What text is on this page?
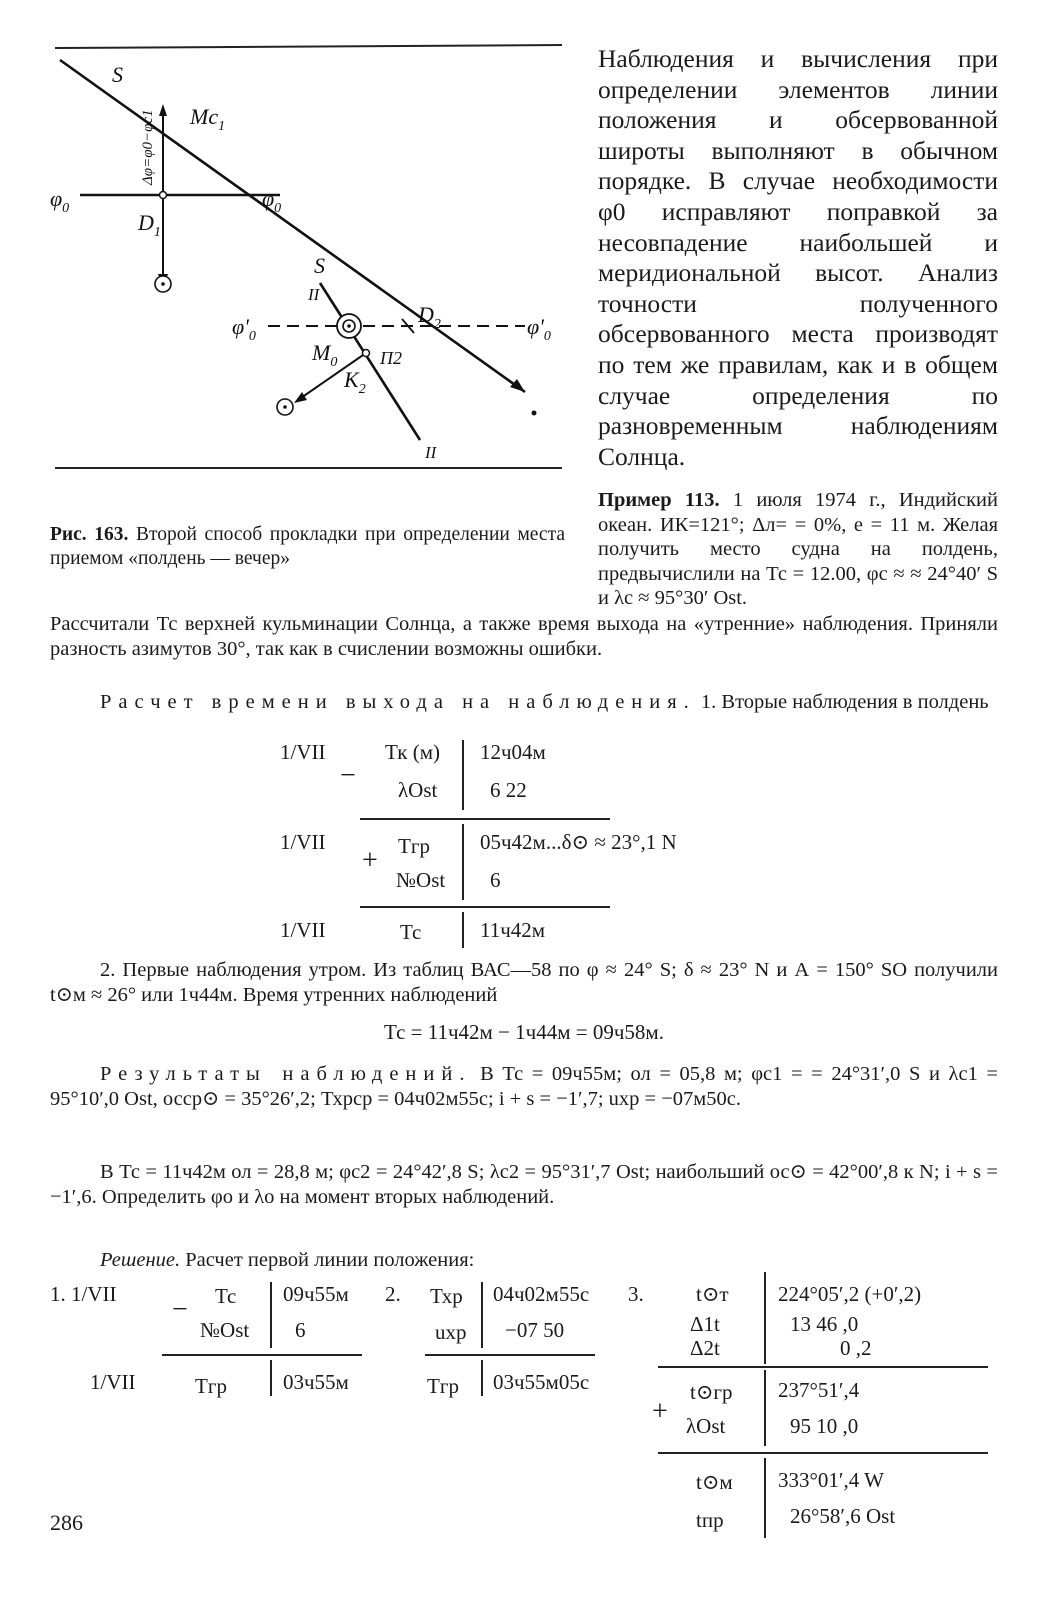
S
$Mc_1$
Δφ=φ0−φc1
$\varphi_0$	$\varphi_0$
$D_1$
S
II
$D_2$
$\varphi'_0$	$\varphi'_0$
$M_0$ П2
$K_2$
II
Рис. 163. Второй способ прокладки при определении места приемом «полдень — вечер»
Наблюдения и вычисления при определении элементов линии положения и обсервованной широты выполняют в обычном порядке. В случае необходимости φ0 исправляют поправкой за несовпадение наибольшей и меридиональной высот. Анализ точности полученного обсервованного места производят по тем же правилам, как и в общем случае определения по разновременным наблюдениям Солнца.
Пример 113. 1 июля 1974 г., Индийский океан. ИК=121°; Δл= = 0%, е = 11 м. Желая получить место судна на полдень, предвычислили на Тс = 12.00, φс ≈ ≈ 24°40′ S и λс ≈ 95°30′ Ost.
Рассчитали Тс верхней кульминации Солнца, а также время выхода на «утренние» наблюдения. Приняли разность азимутов 30°, так как в счислении возможны ошибки.
Расчет времени выхода на наблюдения. 1. Вторые наблюдения в полдень
1/VII	Тк (м) 12ч04м
− λOst	6 22
1/VII	Тгр 05ч42м...δ⊙ ≈ 23°,1 N
+
№Ost 6
1/VII	Тс	11ч42м
2. Первые наблюдения утром. Из таблиц ВАС—58 по φ ≈ 24° S; δ ≈ 23° N и А = 150° SO получили t⊙м ≈ 26° или 1ч44м. Время утренних наблюдений
Тс = 11ч42м − 1ч44м = 09ч58м.
Результаты наблюдений. В Тс = 09ч55м; ол = 05,8 м; φс1 = = 24°31′,0 S и λс1 = 95°10′,0 Ost, осср⊙ = 35°26′,2; Тхрср = 04ч02м55с; i + s = −1′,7; uхр = −07м50с.
В Тс = 11ч42м ол = 28,8 м; φс2 = 24°42′,8 S; λс2 = 95°31′,7 Ost; наибольший ос⊙ = 42°00′,8 к N; i + s = −1′,6. Определить φо и λо на момент вторых наблюдений.
Решение. Расчет первой линии положения:
1. 1/VII − Тс 09ч55м
№Ost 6
1/VII	Тгр	03ч55м
2. Тхр 04ч02м55с
uхр −07 50
Тгр 03ч55м05с
3. t⊙т 224°05′,2 (+0′,2)
Δ1t	13 46 ,0
Δ2t	0 ,2
+
t⊙гр 237°51′,4
λOst	95 10 ,0
t⊙м 333°01′,4 W
tпр	26°58′,6 Ost
286
